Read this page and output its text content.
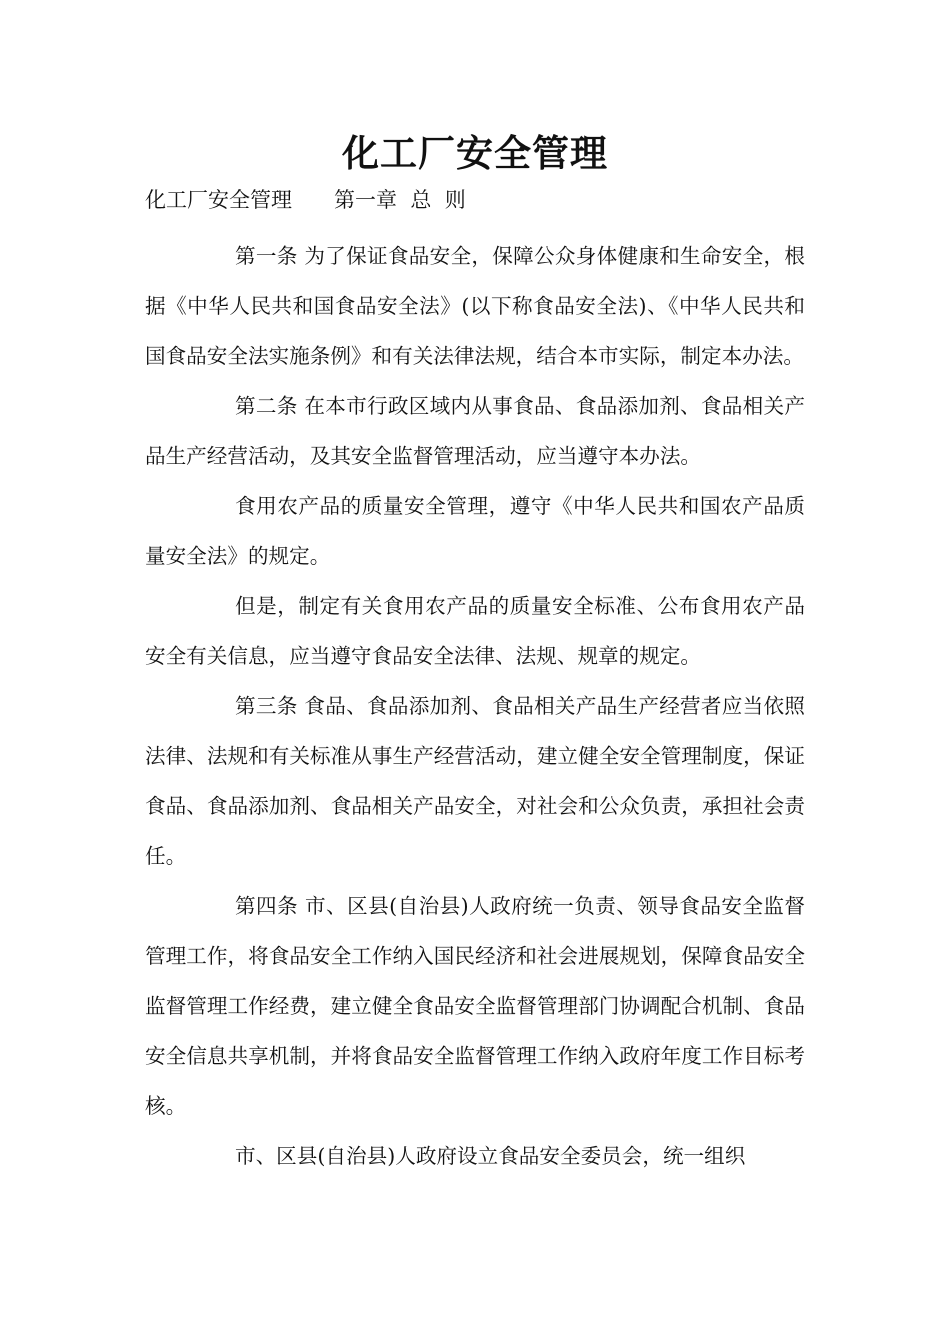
化工厂安全管理
化工厂安全管理　　第一章  总  则

第一条 为了保证食品安全，保障公众身体健康和生命安全，根据《中华人民共和国食品安全法》(以下称食品安全法)、《中华人民共和国食品安全法实施条例》和有关法律法规，结合本市实际，制定本办法。

第二条 在本市行政区域内从事食品、食品添加剂、食品相关产品生产经营活动，及其安全监督管理活动，应当遵守本办法。

食用农产品的质量安全管理，遵守《中华人民共和国农产品质量安全法》的规定。

但是，制定有关食用农产品的质量安全标准、公布食用农产品安全有关信息，应当遵守食品安全法律、法规、规章的规定。

第三条 食品、食品添加剂、食品相关产品生产经营者应当依照法律、法规和有关标准从事生产经营活动，建立健全安全管理制度，保证食品、食品添加剂、食品相关产品安全，对社会和公众负责，承担社会责任。

第四条 市、区县(自治县)人政府统一负责、领导食品安全监督管理工作，将食品安全工作纳入国民经济和社会进展规划，保障食品安全监督管理工作经费，建立健全食品安全监督管理部门协调配合机制、食品安全信息共享机制，并将食品安全监督管理工作纳入政府年度工作目标考核。

市、区县(自治县)人政府设立食品安全委员会，统一组织
